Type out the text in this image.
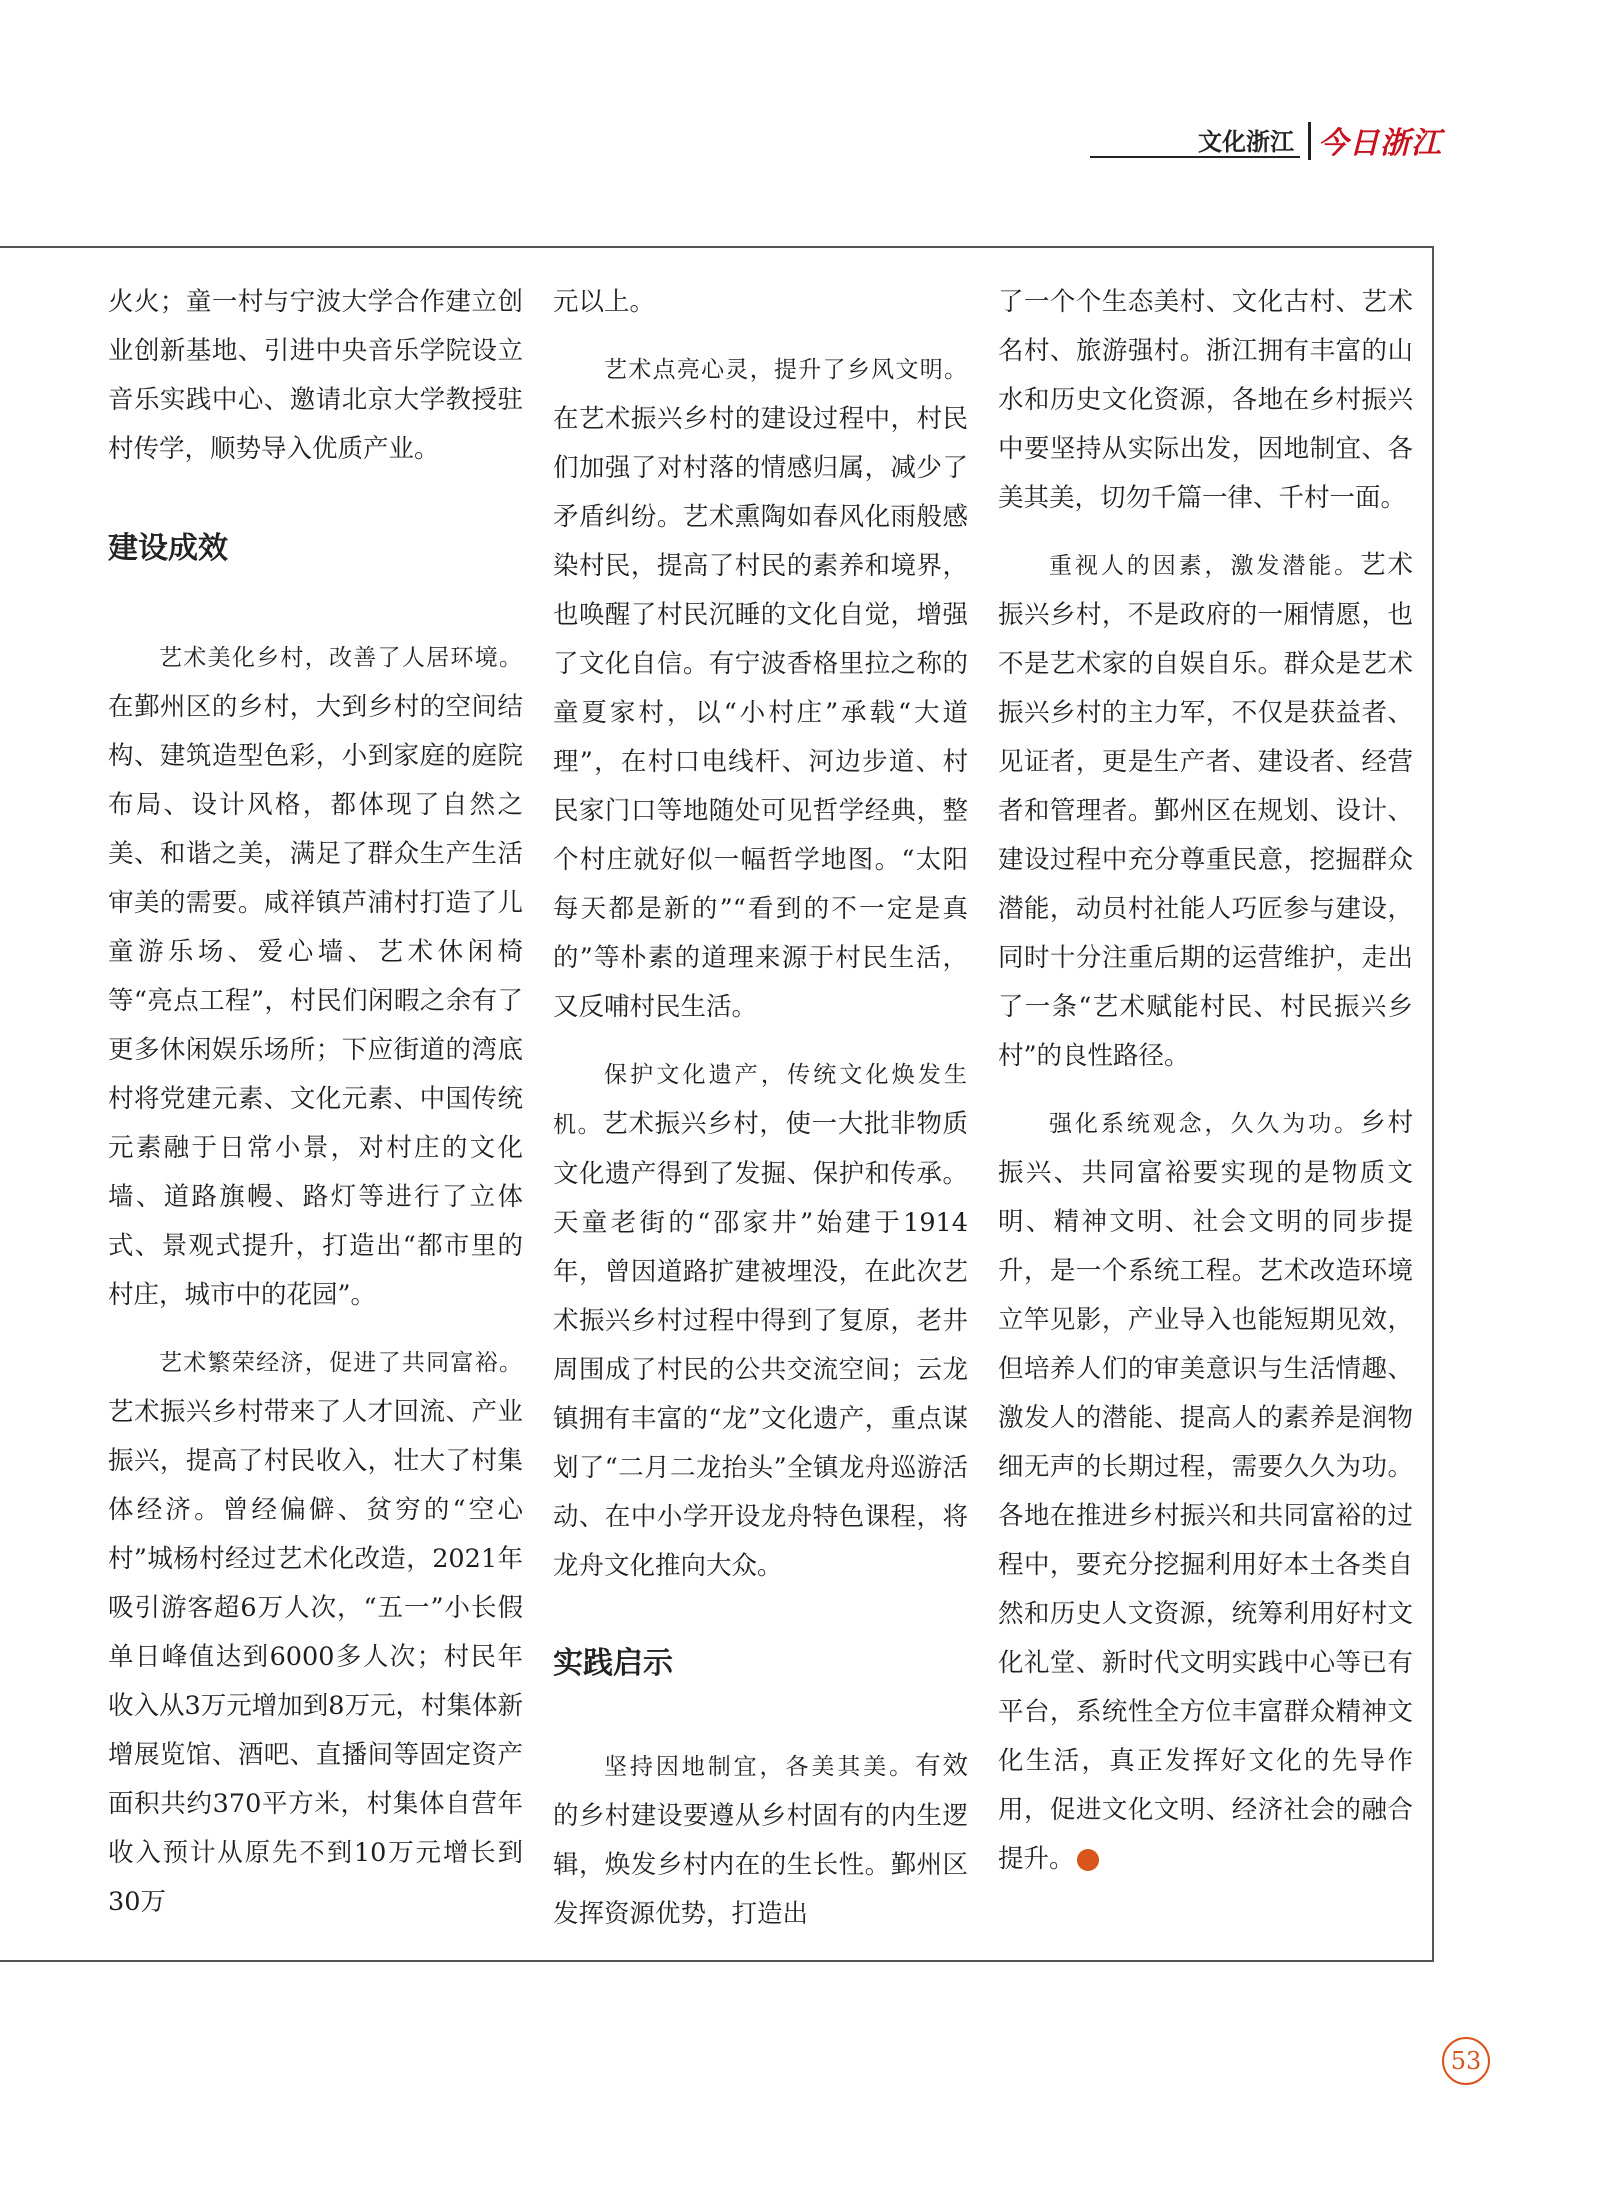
文化浙江 今日浙江

火火；童一村与宁波大学合作建立创业创新基地、引进中央音乐学院设立音乐实践中心、邀请北京大学教授驻村传学，顺势导入优质产业。

建设成效

艺术美化乡村，改善了人居环境。在鄞州区的乡村，大到乡村的空间结构、建筑造型色彩，小到家庭的庭院布局、设计风格，都体现了自然之美、和谐之美，满足了群众生产生活审美的需要。咸祥镇芦浦村打造了儿童游乐场、爱心墙、艺术休闲椅等“亮点工程”，村民们闲暇之余有了更多休闲娱乐场所；下应街道的湾底村将党建元素、文化元素、中国传统元素融于日常小景，对村庄的文化墙、道路旗幔、路灯等进行了立体式、景观式提升，打造出“都市里的村庄，城市中的花园”。

艺术繁荣经济，促进了共同富裕。艺术振兴乡村带来了人才回流、产业振兴，提高了村民收入，壮大了村集体经济。曾经偏僻、贫穷的“空心村”城杨村经过艺术化改造，2021年吸引游客超6万人次，“五一”小长假单日峰值达到6000多人次；村民年收入从3万元增加到8万元，村集体新增展览馆、酒吧、直播间等固定资产面积共约370平方米，村集体自营年收入预计从原先不到10万元增长到30万

元以上。

艺术点亮心灵，提升了乡风文明。在艺术振兴乡村的建设过程中，村民们加强了对村落的情感归属，减少了矛盾纠纷。艺术熏陶如春风化雨般感染村民，提高了村民的素养和境界，也唤醒了村民沉睡的文化自觉，增强了文化自信。有宁波香格里拉之称的童夏家村，以“小村庄”承载“大道理”，在村口电线杆、河边步道、村民家门口等地随处可见哲学经典，整个村庄就好似一幅哲学地图。“太阳每天都是新的”“看到的不一定是真的”等朴素的道理来源于村民生活，又反哺村民生活。

保护文化遗产，传统文化焕发生机。艺术振兴乡村，使一大批非物质文化遗产得到了发掘、保护和传承。天童老街的“邵家井”始建于1914年，曾因道路扩建被埋没，在此次艺术振兴乡村过程中得到了复原，老井周围成了村民的公共交流空间；云龙镇拥有丰富的“龙”文化遗产，重点谋划了“二月二龙抬头”全镇龙舟巡游活动、在中小学开设龙舟特色课程，将龙舟文化推向大众。

实践启示

坚持因地制宜，各美其美。有效的乡村建设要遵从乡村固有的内生逻辑，焕发乡村内在的生长性。鄞州区发挥资源优势，打造出

了一个个生态美村、文化古村、艺术名村、旅游强村。浙江拥有丰富的山水和历史文化资源，各地在乡村振兴中要坚持从实际出发，因地制宜、各美其美，切勿千篇一律、千村一面。

重视人的因素，激发潜能。艺术振兴乡村，不是政府的一厢情愿，也不是艺术家的自娱自乐。群众是艺术振兴乡村的主力军，不仅是获益者、见证者，更是生产者、建设者、经营者和管理者。鄞州区在规划、设计、建设过程中充分尊重民意，挖掘群众潜能，动员村社能人巧匠参与建设，同时十分注重后期的运营维护，走出了一条“艺术赋能村民、村民振兴乡村”的良性路径。

强化系统观念，久久为功。乡村振兴、共同富裕要实现的是物质文明、精神文明、社会文明的同步提升，是一个系统工程。艺术改造环境立竿见影，产业导入也能短期见效，但培养人们的审美意识与生活情趣、激发人的潜能、提高人的素养是润物细无声的长期过程，需要久久为功。各地在推进乡村振兴和共同富裕的过程中，要充分挖掘利用好本土各类自然和历史人文资源，统筹利用好村文化礼堂、新时代文明实践中心等已有平台，系统性全方位丰富群众精神文化生活，真正发挥好文化的先导作用，促进文化文明、经济社会的融合提升。	今

53
